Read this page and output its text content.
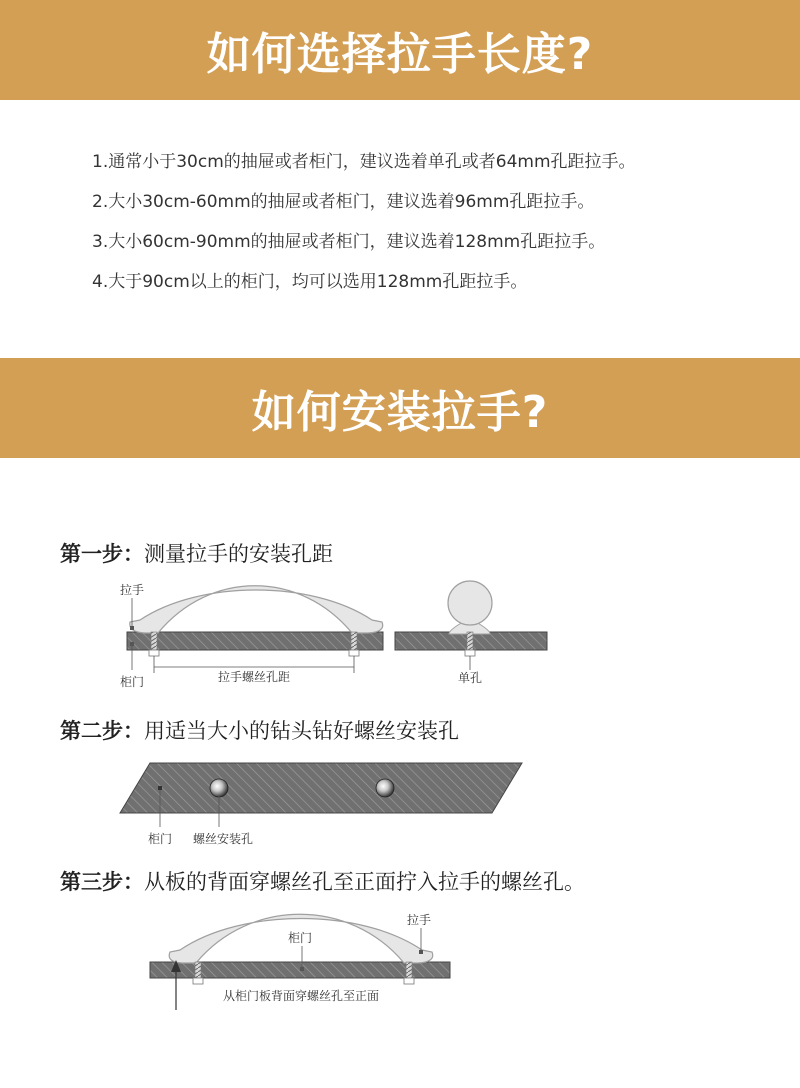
如何选择拉手长度?
1.通常小于30cm的抽屉或者柜门，建议选着单孔或者64mm孔距拉手。
2.大小30cm-60mm的抽屉或者柜门，建议选着96mm孔距拉手。
3.大小60cm-90mm的抽屉或者柜门，建议选着128mm孔距拉手。
4.大于90cm以上的柜门，均可以选用128mm孔距拉手。
如何安装拉手?
第一步：测量拉手的安装孔距
拉手螺丝孔距
拉手
柜门	单孔
第二步：用适当大小的钻头钻好螺丝安装孔
柜门 螺丝安装孔
第三步：从板的背面穿螺丝孔至正面拧入拉手的螺丝孔。
拉手
柜门
从柜门板背面穿螺丝孔至正面
